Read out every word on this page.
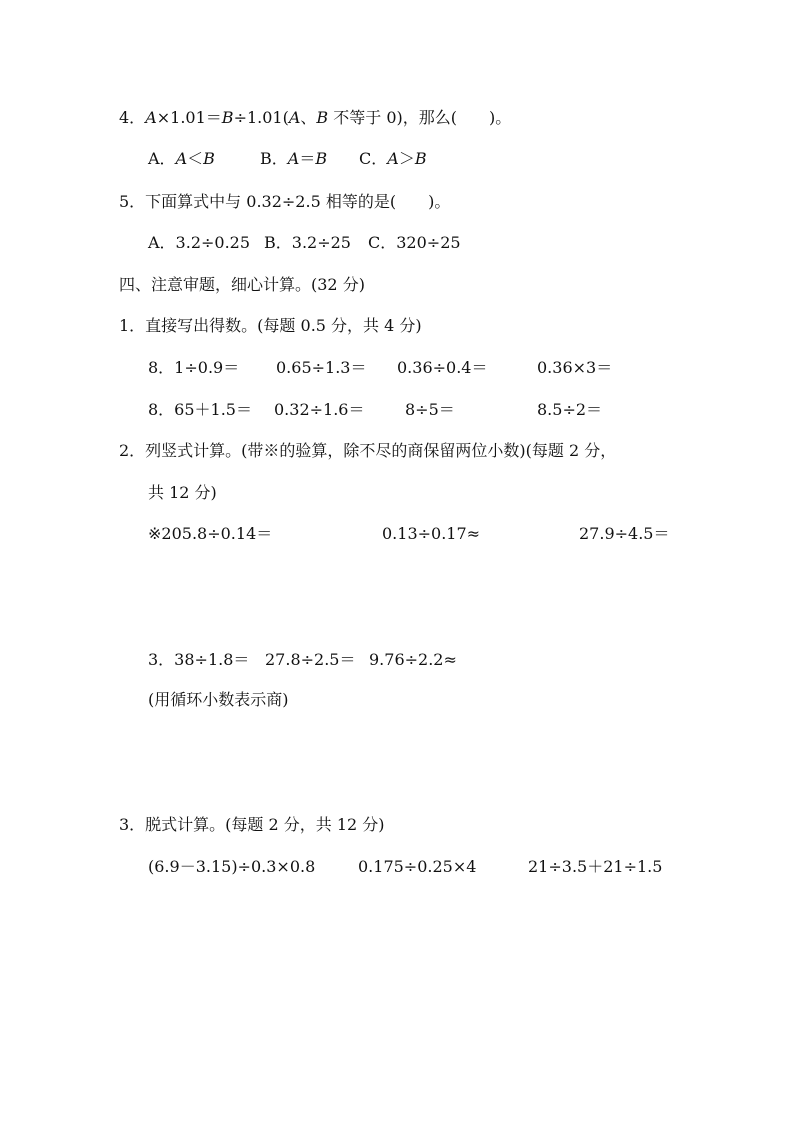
4．A×1.01＝B÷1.01(A、B 不等于 0)，那么(　　)。
A．A＜B	B．A＝B C．A＞B
5．下面算式中与 0.32÷2.5 相等的是(　　)。
A．3.2÷0.25 B．3.2÷25 C．320÷25
四、注意审题，细心计算。(32 分)
1．直接写出得数。(每题 0.5 分，共 4 分)
8．1÷0.9＝ 0.65÷1.3＝ 0.36÷0.4＝	0.36×3＝
8．65＋1.5＝ 0.32÷1.6＝	8÷5＝	8.5÷2＝
2．列竖式计算。(带※的验算，除不尽的商保留两位小数)(每题 2 分，
共 12 分)
※205.8÷0.14＝	0.13÷0.17≈	27.9÷4.5＝
3．38÷1.8＝ 27.8÷2.5＝ 9.76÷2.2≈
(用循环小数表示商)
3．脱式计算。(每题 2 分，共 12 分)
(6.9－3.15)÷0.3×0.8	0.175÷0.25×4	21÷3.5＋21÷1.5
